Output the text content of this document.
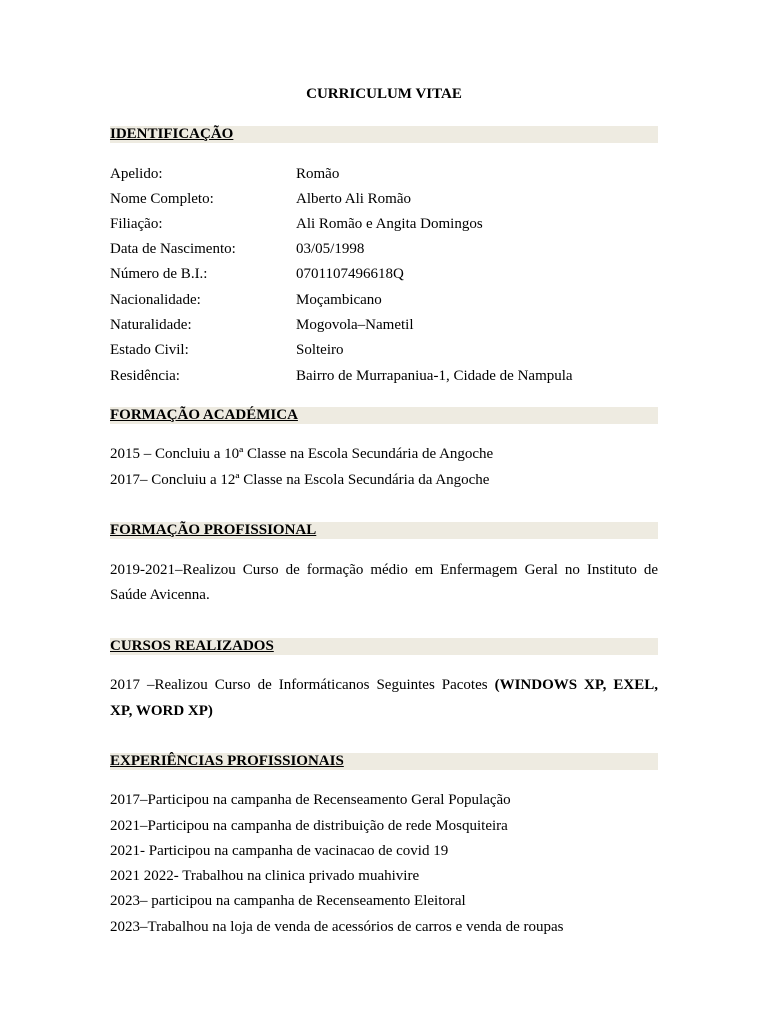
CURRICULUM VITAE
IDENTIFICAÇÃO
Apelido:	Romão
Nome Completo:	Alberto Ali Romão
Filiação:	Ali Romão e Angita Domingos
Data de Nascimento:	03/05/1998
Número de B.I.:	0701107496618Q
Nacionalidade:	Moçambicano
Naturalidade:	Mogovola–Nametil
Estado Civil:	Solteiro
Residência:	Bairro de Murrapaniua-1, Cidade de Nampula
FORMAÇÃO ACADÉMICA
2015 – Concluiu a 10ª Classe na Escola Secundária de Angoche
2017– Concluiu a 12ª Classe na Escola Secundária da Angoche
FORMAÇÃO PROFISSIONAL
2019-2021–Realizou Curso de formação médio em Enfermagem Geral no Instituto de
Saúde Avicenna.
CURSOS REALIZADOS
2017 –Realizou Curso de Informáticanos Seguintes Pacotes (WINDOWS XP, EXEL,
XP, WORD XP)
EXPERIÊNCIAS PROFISSIONAIS
2017–Participou na campanha de Recenseamento Geral População
2021–Participou na campanha de distribuição de rede Mosquiteira
2021- Participou na campanha de vacinacao de covid 19
2021 2022- Trabalhou na clinica privado muahivire
2023– participou na campanha de Recenseamento Eleitoral
2023–Trabalhou na loja de venda de acessórios de carros e venda de roupas
